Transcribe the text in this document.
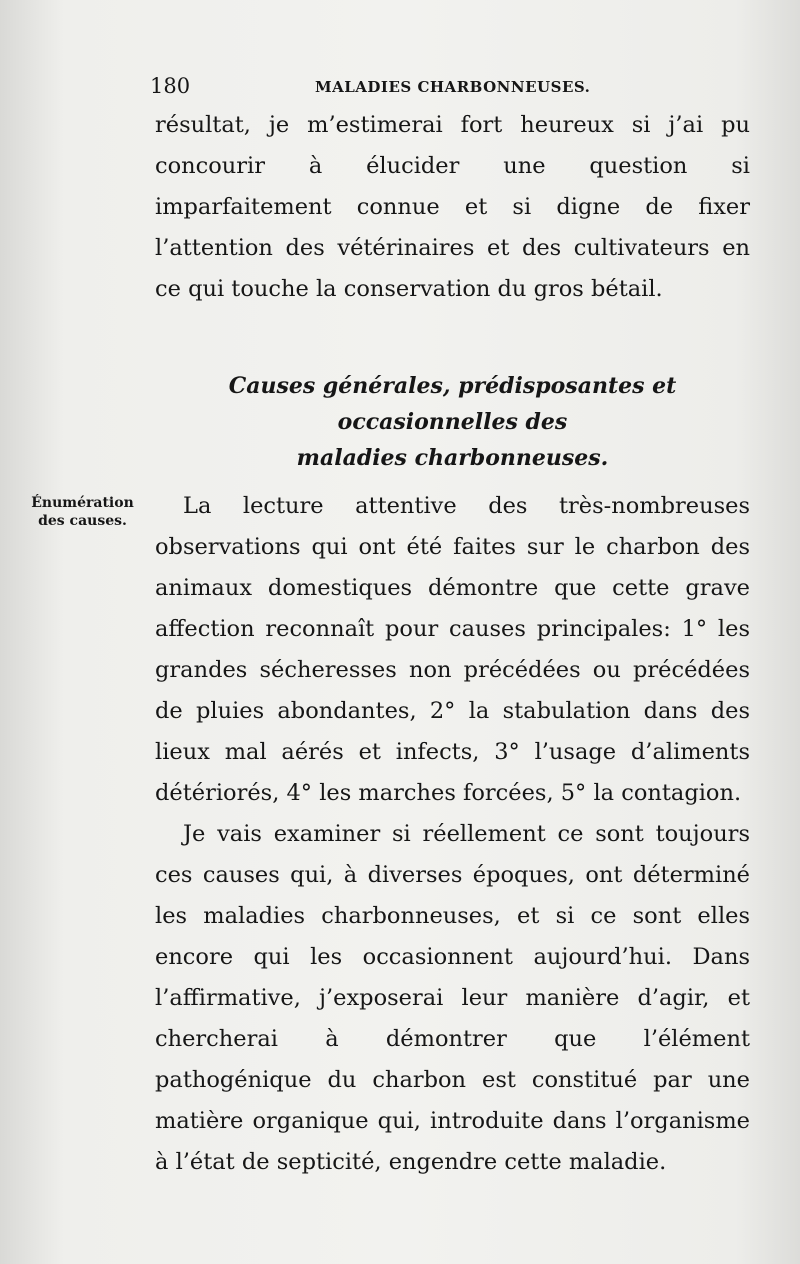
180	MALADIES CHARBONNEUSES.

résultat, je m’estimerai fort heureux si j’ai pu concourir à élucider une question si imparfaitement connue et si digne de fixer l’attention des vétérinaires et des cultivateurs en ce qui touche la conservation du gros bétail.

Causes générales, prédisposantes et occasionnelles des
maladies charbonneuses.
Énumération
des causes.

La lecture attentive des très-nombreuses observations qui ont été faites sur le charbon des animaux domestiques démontre que cette grave affection reconnaît pour causes principales: 1° les grandes sécheresses non précédées ou précédées de pluies abondantes, 2° la stabulation dans des lieux mal aérés et infects, 3° l’usage d’aliments détériorés, 4° les marches forcées, 5° la contagion.

Je vais examiner si réellement ce sont toujours ces causes qui, à diverses époques, ont déterminé les maladies charbonneuses, et si ce sont elles encore qui les occasionnent aujourd’hui. Dans l’affirmative, j’exposerai leur manière d’agir, et chercherai à démontrer que l’élément pathogénique du charbon est constitué par une matière organique qui, introduite dans l’organisme à l’état de septicité, engendre cette maladie.
